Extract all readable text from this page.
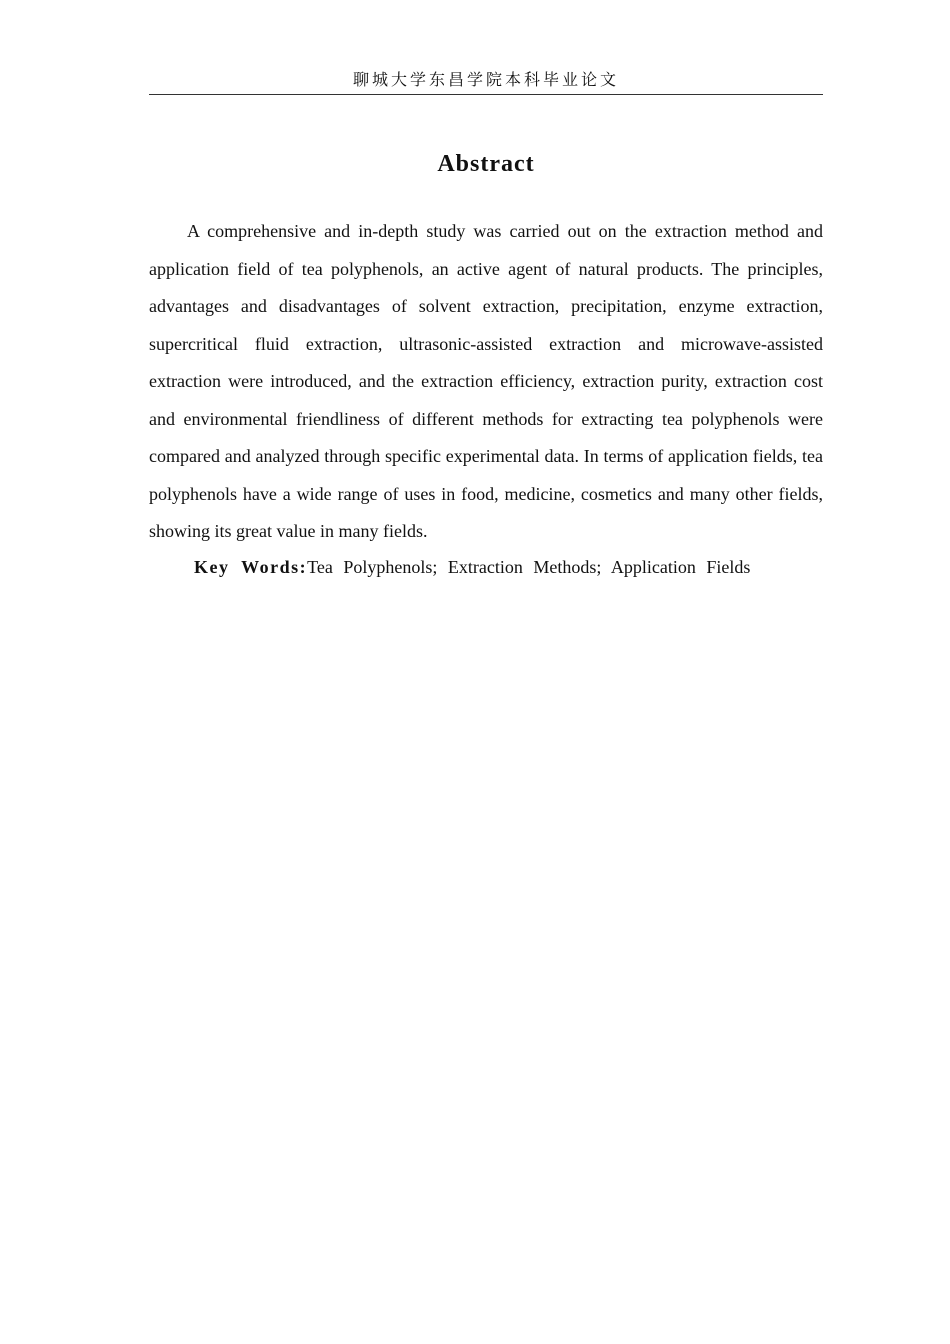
聊城大学东昌学院本科毕业论文
Abstract

A comprehensive and in-depth study was carried out on the extraction method and application field of tea polyphenols, an active agent of natural products. The principles, advantages and disadvantages of solvent extraction, precipitation, enzyme extraction, supercritical fluid extraction, ultrasonic-assisted extraction and microwave-assisted extraction were introduced, and the extraction efficiency, extraction purity, extraction cost and environmental friendliness of different methods for extracting tea polyphenols were compared and analyzed through specific experimental data. In terms of application fields, tea polyphenols have a wide range of uses in food, medicine, cosmetics and many other fields, showing its great value in many fields.

Key Words:Tea Polyphenols; Extraction Methods; Application Fields
